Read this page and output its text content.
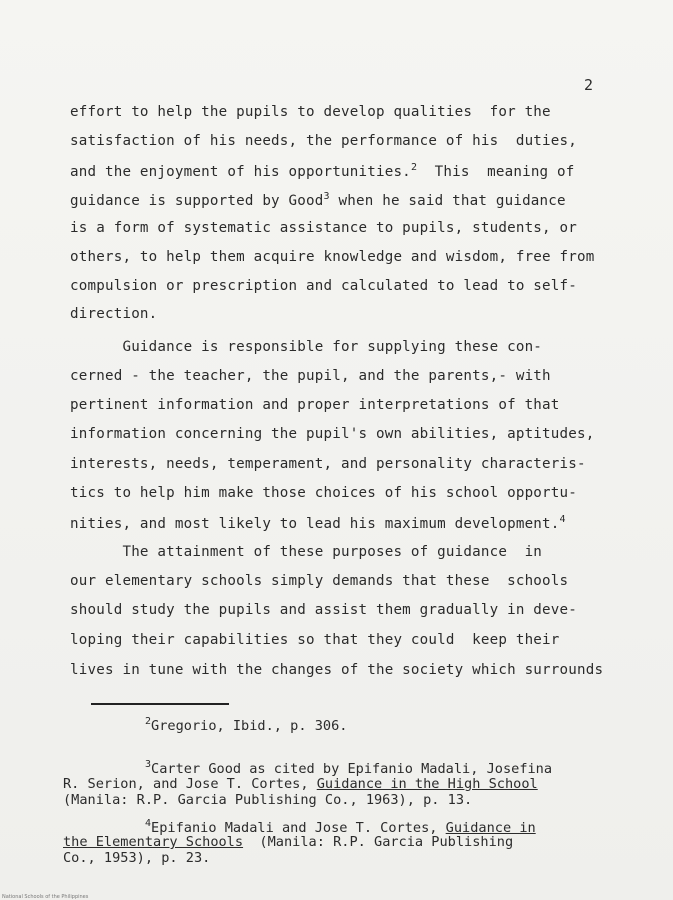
2
effort to help the pupils to develop qualities  for the
satisfaction of his needs, the performance of his  duties,
and the enjoyment of his opportunities.$^2$  This  meaning of
guidance is supported by Good$^3$ when he said that guidance
is a form of systematic assistance to pupils, students, or
others, to help them acquire knowledge and wisdom, free from
compulsion or prescription and calculated to lead to self-
direction.
Guidance is responsible for supplying these con-
cerned - the teacher, the pupil, and the parents,- with
pertinent information and proper interpretations of that
information concerning the pupil's own abilities, aptitudes,
interests, needs, temperament, and personality characteris-
tics to help him make those choices of his school opportu-
nities, and most likely to lead his maximum development.$^4$
The attainment of these purposes of guidance  in
our elementary schools simply demands that these  schools
should study the pupils and assist them gradually in deve-
loping their capabilities so that they could  keep their
lives in tune with the changes of the society which surrounds
$^2$Gregorio, Ibid., p. 306.
$^3$Carter Good as cited by Epifanio Madali, Josefina
R. Serion, and Jose T. Cortes, Guidance in the High School
(Manila: R.P. Garcia Publishing Co., 1963), p. 13.
$^4$Epifanio Madali and Jose T. Cortes, Guidance in
the Elementary Schools  (Manila: R.P. Garcia Publishing
Co., 1953), p. 23.
National Schools of the Philippines
